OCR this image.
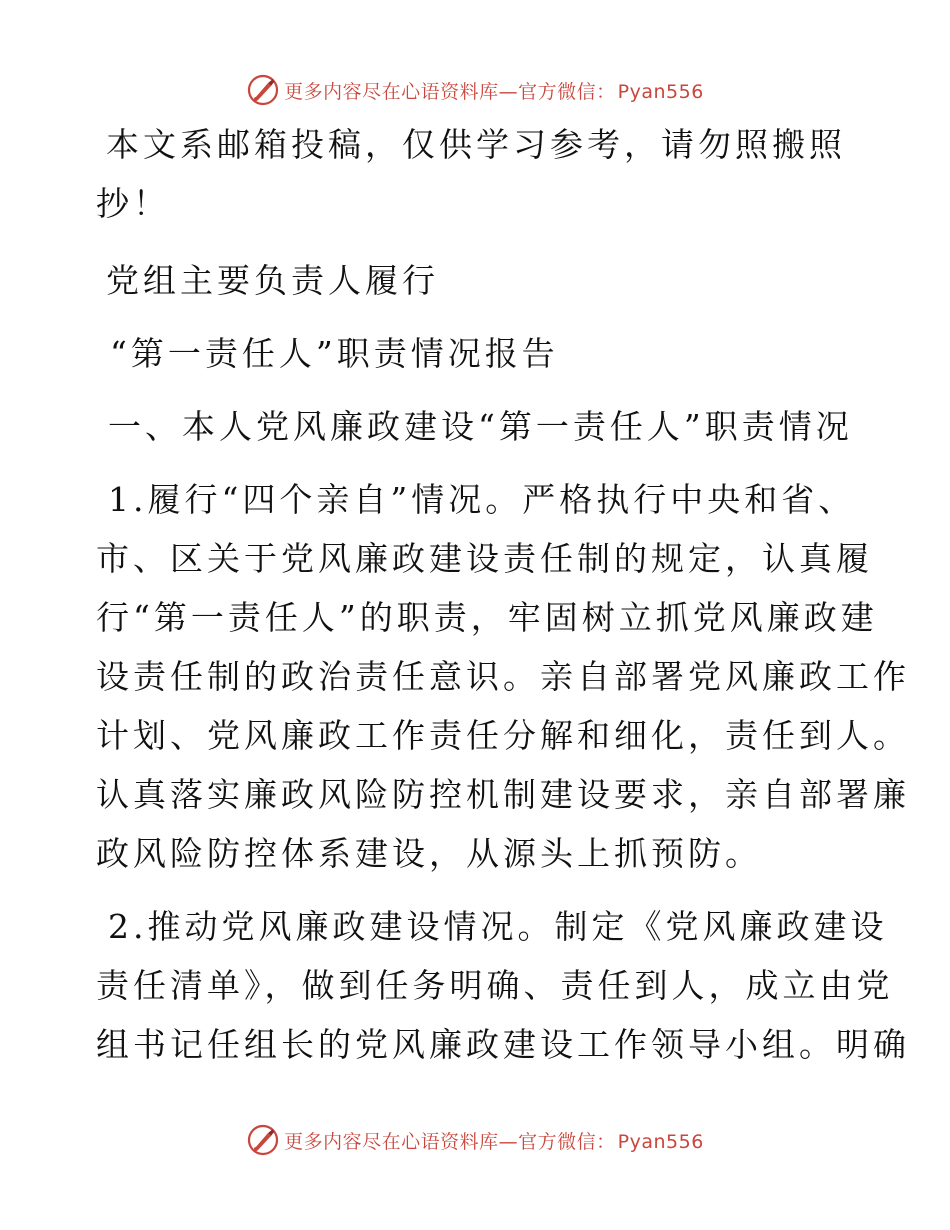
更多内容尽在心语资料库—官方微信： Pyan556

本文系邮箱投稿，仅供学习参考，请勿照搬照
抄！

党组主要负责人履行

“第一责任人”职责情况报告

一、本人党风廉政建设“第一责任人”职责情况

1.履行“四个亲自”情况。严格执行中央和省、
市、区关于党风廉政建设责任制的规定，认真履
行“第一责任人”的职责，牢固树立抓党风廉政建
设责任制的政治责任意识。亲自部署党风廉政工作
计划、党风廉政工作责任分解和细化，责任到人。
认真落实廉政风险防控机制建设要求，亲自部署廉
政风险防控体系建设，从源头上抓预防。

2.推动党风廉政建设情况。制定《党风廉政建设
责任清单》，做到任务明确、责任到人，成立由党
组书记任组长的党风廉政建设工作领导小组。明确

更多内容尽在心语资料库—官方微信： Pyan556
